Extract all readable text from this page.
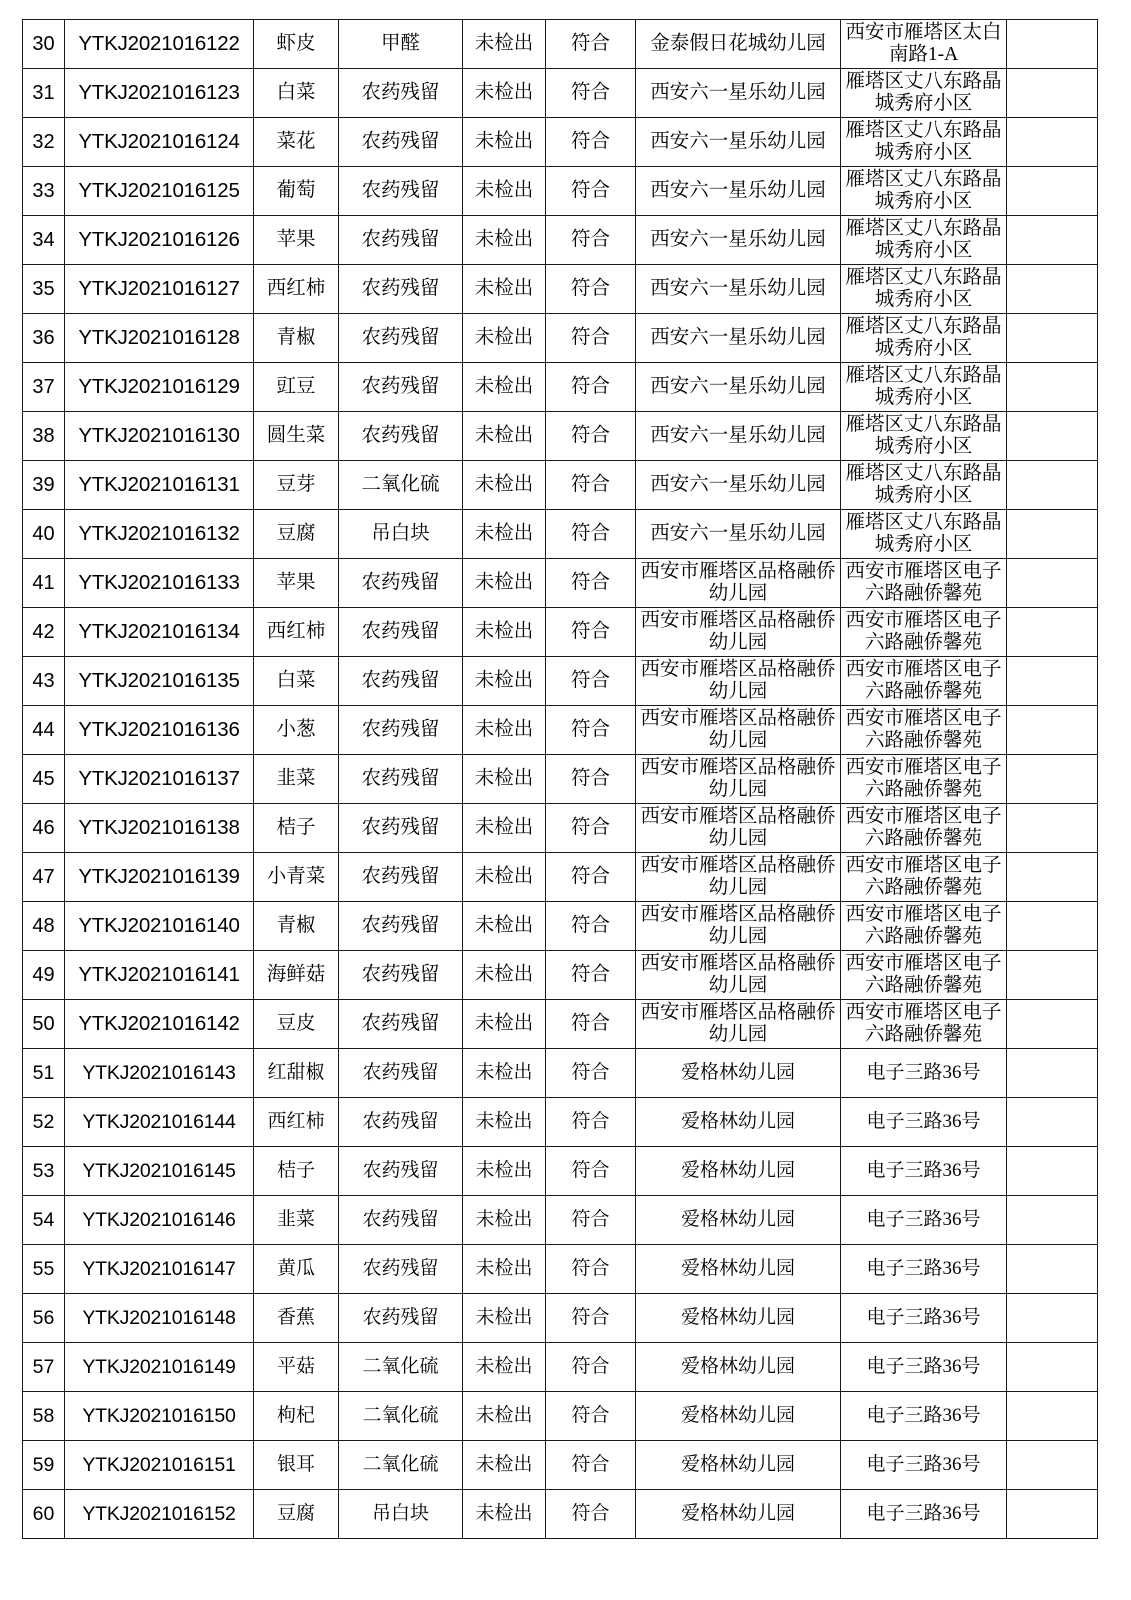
30	YTKJ2021016122	虾皮	甲醛	未检出	符合	金泰假日花城幼儿园	西安市雁塔区太白南路1-A	
31	YTKJ2021016123	白菜	农药残留	未检出	符合	西安六一星乐幼儿园	雁塔区丈八东路晶城秀府小区	
32	YTKJ2021016124	菜花	农药残留	未检出	符合	西安六一星乐幼儿园	雁塔区丈八东路晶城秀府小区	
33	YTKJ2021016125	葡萄	农药残留	未检出	符合	西安六一星乐幼儿园	雁塔区丈八东路晶城秀府小区	
34	YTKJ2021016126	苹果	农药残留	未检出	符合	西安六一星乐幼儿园	雁塔区丈八东路晶城秀府小区	
35	YTKJ2021016127	西红柿	农药残留	未检出	符合	西安六一星乐幼儿园	雁塔区丈八东路晶城秀府小区	
36	YTKJ2021016128	青椒	农药残留	未检出	符合	西安六一星乐幼儿园	雁塔区丈八东路晶城秀府小区	
37	YTKJ2021016129	豇豆	农药残留	未检出	符合	西安六一星乐幼儿园	雁塔区丈八东路晶城秀府小区	
38	YTKJ2021016130	圆生菜	农药残留	未检出	符合	西安六一星乐幼儿园	雁塔区丈八东路晶城秀府小区	
39	YTKJ2021016131	豆芽	二氧化硫	未检出	符合	西安六一星乐幼儿园	雁塔区丈八东路晶城秀府小区	
40	YTKJ2021016132	豆腐	吊白块	未检出	符合	西安六一星乐幼儿园	雁塔区丈八东路晶城秀府小区	
41	YTKJ2021016133	苹果	农药残留	未检出	符合	西安市雁塔区品格融侨幼儿园	西安市雁塔区电子六路融侨馨苑	
42	YTKJ2021016134	西红柿	农药残留	未检出	符合	西安市雁塔区品格融侨幼儿园	西安市雁塔区电子六路融侨馨苑	
43	YTKJ2021016135	白菜	农药残留	未检出	符合	西安市雁塔区品格融侨幼儿园	西安市雁塔区电子六路融侨馨苑	
44	YTKJ2021016136	小葱	农药残留	未检出	符合	西安市雁塔区品格融侨幼儿园	西安市雁塔区电子六路融侨馨苑	
45	YTKJ2021016137	韭菜	农药残留	未检出	符合	西安市雁塔区品格融侨幼儿园	西安市雁塔区电子六路融侨馨苑	
46	YTKJ2021016138	桔子	农药残留	未检出	符合	西安市雁塔区品格融侨幼儿园	西安市雁塔区电子六路融侨馨苑	
47	YTKJ2021016139	小青菜	农药残留	未检出	符合	西安市雁塔区品格融侨幼儿园	西安市雁塔区电子六路融侨馨苑	
48	YTKJ2021016140	青椒	农药残留	未检出	符合	西安市雁塔区品格融侨幼儿园	西安市雁塔区电子六路融侨馨苑	
49	YTKJ2021016141	海鲜菇	农药残留	未检出	符合	西安市雁塔区品格融侨幼儿园	西安市雁塔区电子六路融侨馨苑	
50	YTKJ2021016142	豆皮	农药残留	未检出	符合	西安市雁塔区品格融侨幼儿园	西安市雁塔区电子六路融侨馨苑	
51	YTKJ2021016143	红甜椒	农药残留	未检出	符合	爱格林幼儿园	电子三路36号	
52	YTKJ2021016144	西红柿	农药残留	未检出	符合	爱格林幼儿园	电子三路36号	
53	YTKJ2021016145	桔子	农药残留	未检出	符合	爱格林幼儿园	电子三路36号	
54	YTKJ2021016146	韭菜	农药残留	未检出	符合	爱格林幼儿园	电子三路36号	
55	YTKJ2021016147	黄瓜	农药残留	未检出	符合	爱格林幼儿园	电子三路36号	
56	YTKJ2021016148	香蕉	农药残留	未检出	符合	爱格林幼儿园	电子三路36号	
57	YTKJ2021016149	平菇	二氧化硫	未检出	符合	爱格林幼儿园	电子三路36号	
58	YTKJ2021016150	枸杞	二氧化硫	未检出	符合	爱格林幼儿园	电子三路36号	
59	YTKJ2021016151	银耳	二氧化硫	未检出	符合	爱格林幼儿园	电子三路36号	
60	YTKJ2021016152	豆腐	吊白块	未检出	符合	爱格林幼儿园	电子三路36号	
